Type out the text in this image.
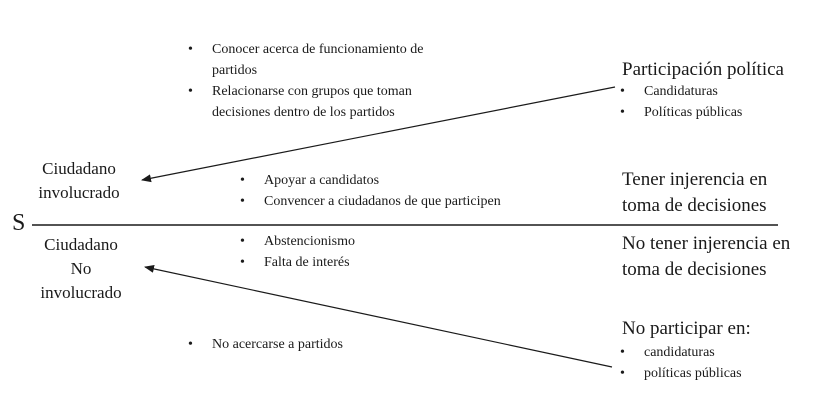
• Conocer acerca de funcionamiento de partidos
• Relacionarse con grupos que toman decisiones dentro de los partidos
Participación política
• Candidaturas
• Políticas públicas
Ciudadano
involucrado
• Apoyar a candidatos
• Convencer a ciudadanos de que participen
Tener injerencia en
toma de decisiones
S
Ciudadano
No
involucrado
• Abstencionismo
• Falta de interés
No tener injerencia en
toma de decisiones
No participar en:
• candidaturas
• políticas públicas
• No acercarse a partidos
